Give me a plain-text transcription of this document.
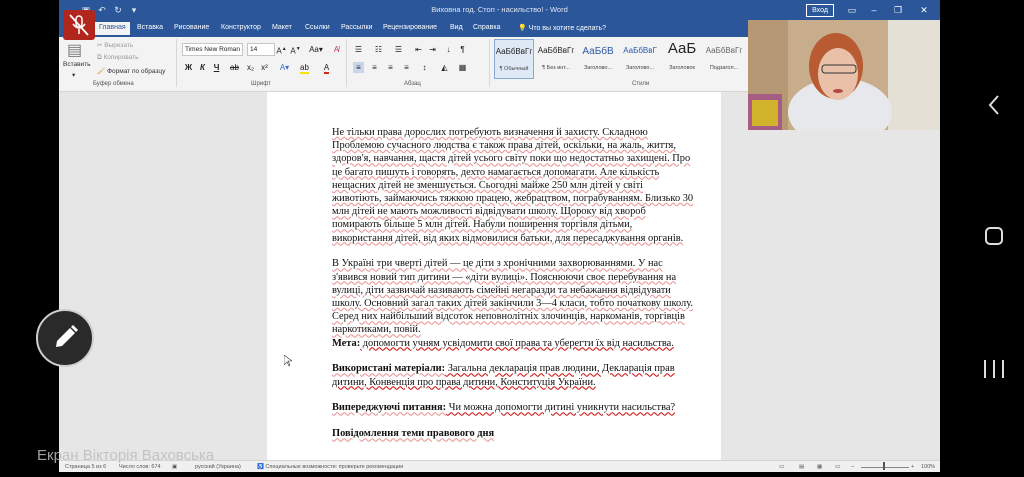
↶ ↻	▾	Виховна год. Стоп - насильство! - Word	Вход	▭	–	❐	✕
Главная	Вставка Рисование Конструктор Макет Ссылки Рассылки Рецензирование Вид Справка	💡 Что вы хотите сделать?
▤
Вставить
▾
✂ Вырезать
⧉ Копировать
🖌 Формат по образцу
Буфер обмена
Times New Roman	14	A▲ A▼ Aa▾	A̸
Ж К	Ч	ab x₂ x² A▾ ab	A
Шрифт
☰ ☷ ☰ ⇤ ⇥	↓	¶
≡	≡	≡	≡	↕	◭	▦
Абзац
АаБбВвГг
¶ Обычный
АаБбВвГг
¶ Без инт...
АаБбВ
Заголово...
АаБбВвГ
Заголово...
АаБ
Заголовок
АаБбВвГг
Подзагол...
Стили

Не тільки права дорослих потребують визначення й захисту. Складною Проблемою сучасного людства є також права дітей, оскільки, на жаль, життя, здоров'я, навчання, щастя дітей усього світу поки що недостатньо захищені. Про це багато пишуть і говорять, дехто намагається допомагати. Але кількість нещасних дітей не зменшується. Сьогодні майже 250 млн дітей у світі животіють, займаючись тяжкою працею, жебрацтвом, пограбуванням. Близько 30 млн дітей не мають можливості відвідувати школу. Щороку від хвороб помирають більше 5 млн дітей. Набули поширення торгівля дітьми, використання дітей, від яких відмовилися батьки, для пересаджування органів.

В Україні три чверті дітей — це діти з хронічними захворюваннями. У нас з'явився новий тип дитини — «діти вулиці». Пояснюючи своє перебування на вулиці, діти зазвичай називають сімейні негаразди та небажання відвідувати школу. Основний загал таких дітей закінчили 3—4 класи, тобто початкову школу. Серед них найбільший відсоток неповнолітніх злочинців, наркоманів, торгівців наркотиками, повій.

Мета: допомогти учням усвідомити свої права та уберегти їх від насильства.

Використані матеріали: Загальна декларація прав людини, Декларація прав дитини, Конвенція про права дитини, Конституція України.

Випереджуючі питання: Чи можна допомогти дитині уникнути насильства?

Повідомлення теми правового дня

Страница 5 из 6 Число слов: 674 ▣	русский (Украина)	♿ Специальные возможности: проверьте рекомендации	▭	▤ ▦ ▭ –	+ 100%
Екран Вікторія Ваховська
